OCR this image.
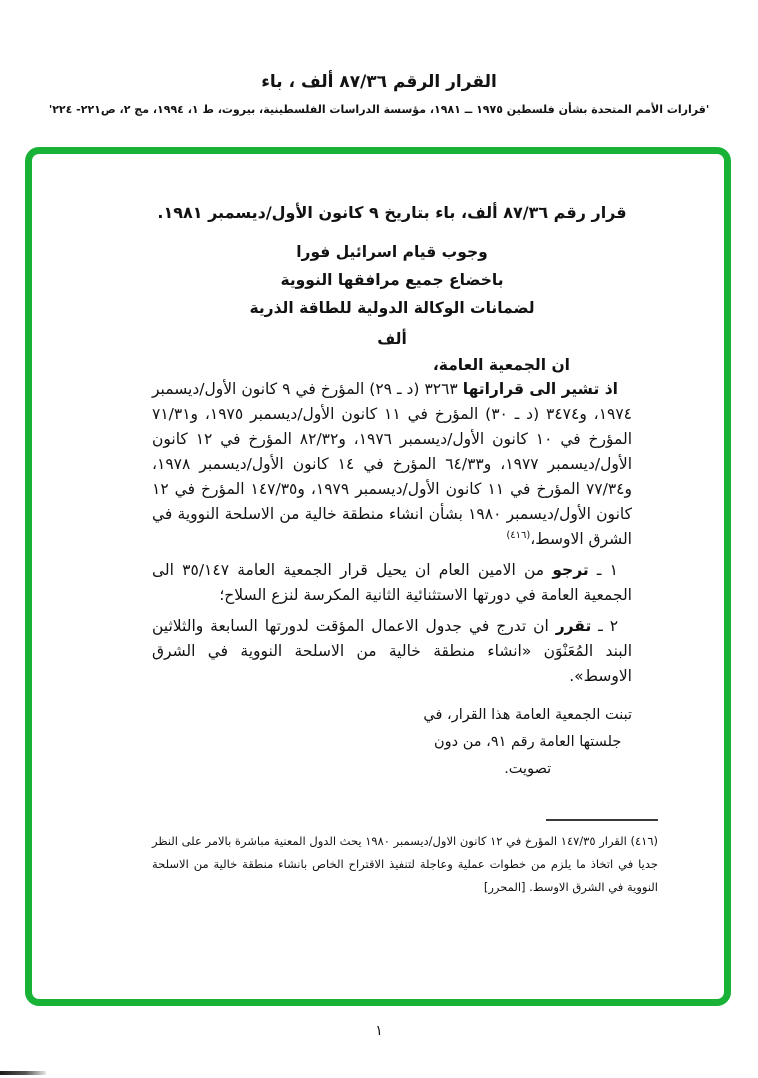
القرار الرقم ٨٧/٣٦ ألف ، باء
'قرارات الأمم المتحدة بشأن فلسطين ١٩٧٥ ــ ١٩٨١، مؤسسة الدراسات الفلسطينية، بيروت، ط ١، ١٩٩٤، مج ٢، ص٢٢١- ٢٢٤'
قرار رقم ٨٧/٣٦ ألف، باء بتاريخ ٩ كانون الأول/ديسمبر ١٩٨١.
وجوب قيام اسرائيل فورا
باخضاع جميع مرافقها النووية
لضمانات الوكالة الدولية للطاقة الذرية
ألف
ان الجمعية العامة،

اذ تشير الى قراراتها ٣٢٦٣ (د ـ ٢٩) المؤرخ في ٩ كانون الأول/ديسمبر ١٩٧٤، و٣٤٧٤ (د ـ ٣٠) المؤرخ في ١١ كانون الأول/ديسمبر ١٩٧٥، و٧١/٣١ المؤرخ في ١٠ كانون الأول/ديسمبر ١٩٧٦، و٨٢/٣٢ المؤرخ في ١٢ كانون الأول/ديسمبر ١٩٧٧، و٦٤/٣٣ المؤرخ في ١٤ كانون الأول/ديسمبر ١٩٧٨، و٧٧/٣٤ المؤرخ في ١١ كانون الأول/ديسمبر ١٩٧٩، و١٤٧/٣٥ المؤرخ في ١٢ كانون الأول/ديسمبر ١٩٨٠ بشأن انشاء منطقة خالية من الاسلحة النووية في الشرق الاوسط،$^{(٤١٦)}$

١ ـ ترجو من الامين العام ان يحيل قرار الجمعية العامة ٣٥/١٤٧ الى الجمعية العامة في دورتها الاستثنائية الثانية المكرسة لنزع السلاح؛

٢ ـ تقرر ان تدرج في جدول الاعمال المؤقت لدورتها السابعة والثلاثين البند المُعَنْوَن «انشاء منطقة خالية من الاسلحة النووية في الشرق الاوسط».

تبنت الجمعية العامة هذا القرار، في
جلستها العامة رقم ٩١، من دون
تصويت.

(٤١٦) القرار ١٤٧/٣٥ المؤرخ في ١٢ كانون الاول/ديسمبر ١٩٨٠ يحث الدول المعنية مباشرة بالامر على النظر جديا في اتخاذ ما يلزم من خطوات عملية وعاجلة لتنفيذ الاقتراح الخاص بانشاء منطقة خالية من الاسلحة النووية في الشرق الاوسط. [المحرر]

١
